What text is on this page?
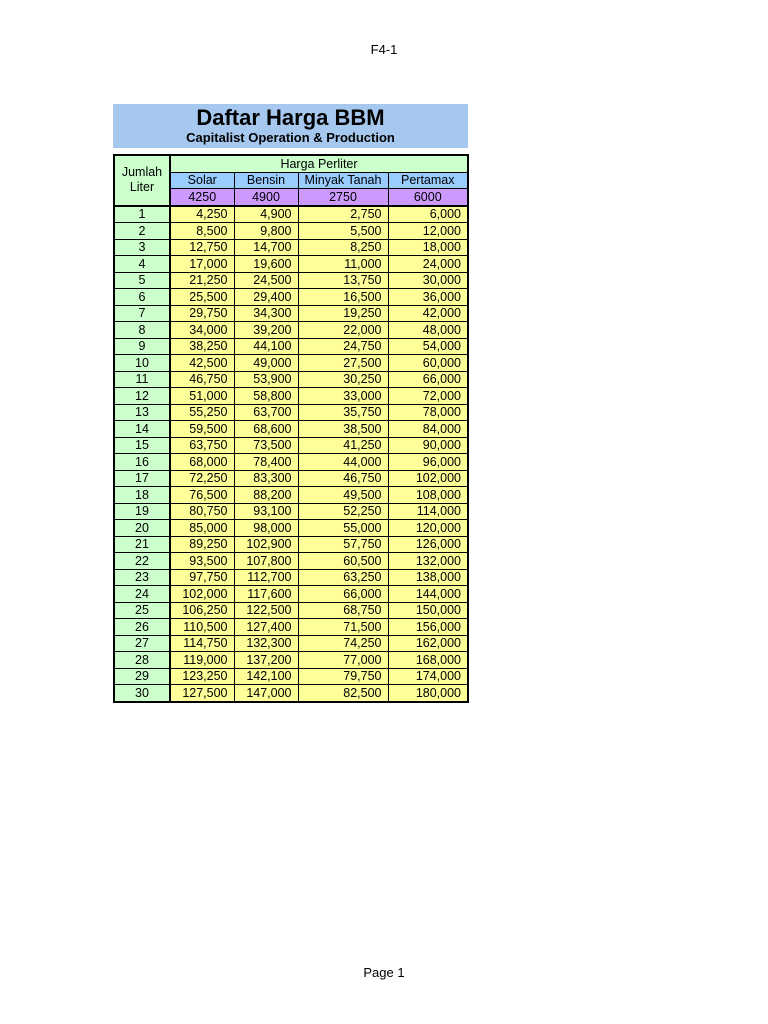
F4-1
Daftar Harga BBM
Capitalist Operation & Production
Jumlah
Liter	Harga Perliter			
	Solar	Bensin	Minyak Tanah	Pertamax
	4250	4900	2750	6000
1	4,250	4,900	2,750	6,000
2	8,500	9,800	5,500	12,000
3	12,750	14,700	8,250	18,000
4	17,000	19,600	11,000	24,000
5	21,250	24,500	13,750	30,000
6	25,500	29,400	16,500	36,000
7	29,750	34,300	19,250	42,000
8	34,000	39,200	22,000	48,000
9	38,250	44,100	24,750	54,000
10	42,500	49,000	27,500	60,000
11	46,750	53,900	30,250	66,000
12	51,000	58,800	33,000	72,000
13	55,250	63,700	35,750	78,000
14	59,500	68,600	38,500	84,000
15	63,750	73,500	41,250	90,000
16	68,000	78,400	44,000	96,000
17	72,250	83,300	46,750	102,000
18	76,500	88,200	49,500	108,000
19	80,750	93,100	52,250	114,000
20	85,000	98,000	55,000	120,000
21	89,250	102,900	57,750	126,000
22	93,500	107,800	60,500	132,000
23	97,750	112,700	63,250	138,000
24	102,000	117,600	66,000	144,000
25	106,250	122,500	68,750	150,000
26	110,500	127,400	71,500	156,000
27	114,750	132,300	74,250	162,000
28	119,000	137,200	77,000	168,000
29	123,250	142,100	79,750	174,000
30	127,500	147,000	82,500	180,000
Page 1
